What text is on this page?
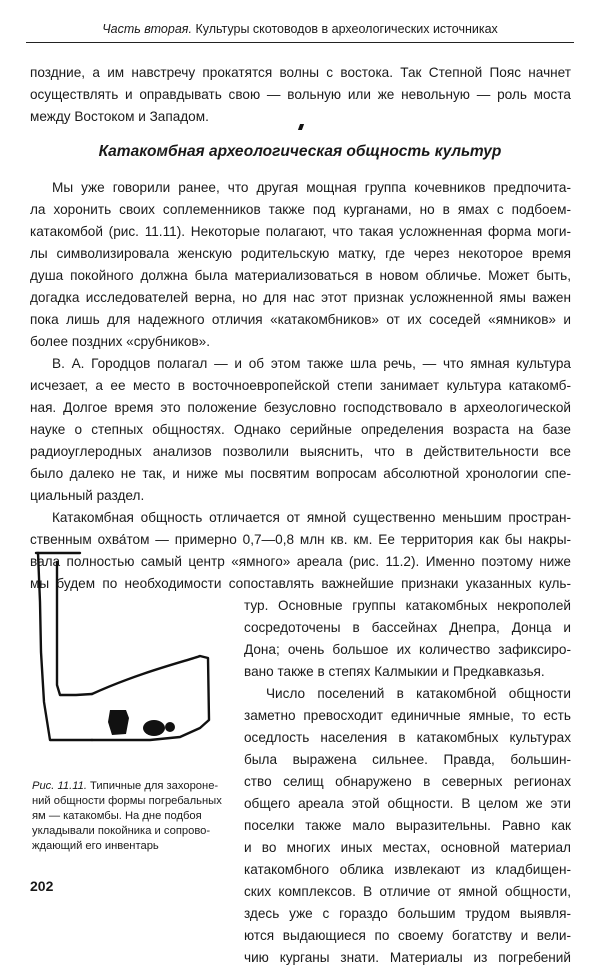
Часть вторая. Культуры скотоводов в археологических источниках
поздние, а им навстречу прокатятся волны с востока. Так Степной Пояс начнет
осуществлять и оправдывать свою — вольную или же невольную — роль моста
между Востоком и Западом.
Катакомбная археологическая общность культур
Мы уже говорили ранее, что другая мощная группа кочевников предпочита-
ла хоронить своих соплеменников также под курганами, но в ямах с подбоем-
катакомбой (рис. 11.11). Некоторые полагают, что такая усложненная форма моги-
лы символизировала женскую родительскую матку, где через некоторое время
душа покойного должна была материализоваться в новом обличье. Может быть,
догадка исследователей верна, но для нас этот признак усложненной ямы важен
пока лишь для надежного отличия «катакомбников» от их соседей «ямников» и
более поздних «срубников».
В. А. Городцов полагал — и об этом также шла речь, — что ямная культура
исчезает, а ее место в восточноевропейской степи занимает культура катакомб-
ная. Долгое время это положение безусловно господствовало в археологической
науке о степных общностях. Однако серийные определения возраста на базе
радиоуглеродных анализов позволили выяснить, что в действительности все
было далеко не так, и ниже мы посвятим вопросам абсолютной хронологии спе-
циальный раздел.
Катакомбная общность отличается от ямной существенно меньшим простран-
ственным охва́том — примерно 0,7—0,8 млн кв. км. Ее территория как бы накры-
вала полностью самый центр «ямного» ареала (рис. 11.2). Именно поэтому ниже
мы будем по необходимости сопоставлять важнейшие признаки указанных куль-
тур. Основные группы катакомбных некрополей
сосредоточены в бассейнах Днепра, Донца и
Дона; очень большое их количество зафиксиро-
вано также в степях Калмыкии и Предкавказья.
Число поселений в катакомбной общности
заметно превосходит единичные ямные, то есть
оседлость населения в катакомбных культурах
была выражена сильнее. Правда, большин-
ство селищ обнаружено в северных регионах
общего ареала этой общности. В целом же эти
поселки также мало выразительны. Равно как
и во многих иных местах, основной материал
катакомбного облика извлекают из кладбищен-
ских комплексов. В отличие от ямной общности,
здесь уже с гораздо большим трудом выявля-
ются выдающиеся по своему богатству и вели-
чию курганы знати. Материалы из погребений
Рис. 11.11. Типичные для захороне-
ний общности формы погребальных
ям — катакомбы. На дне подбоя
укладывали покойника и сопрово-
ждающий его инвентарь
202
